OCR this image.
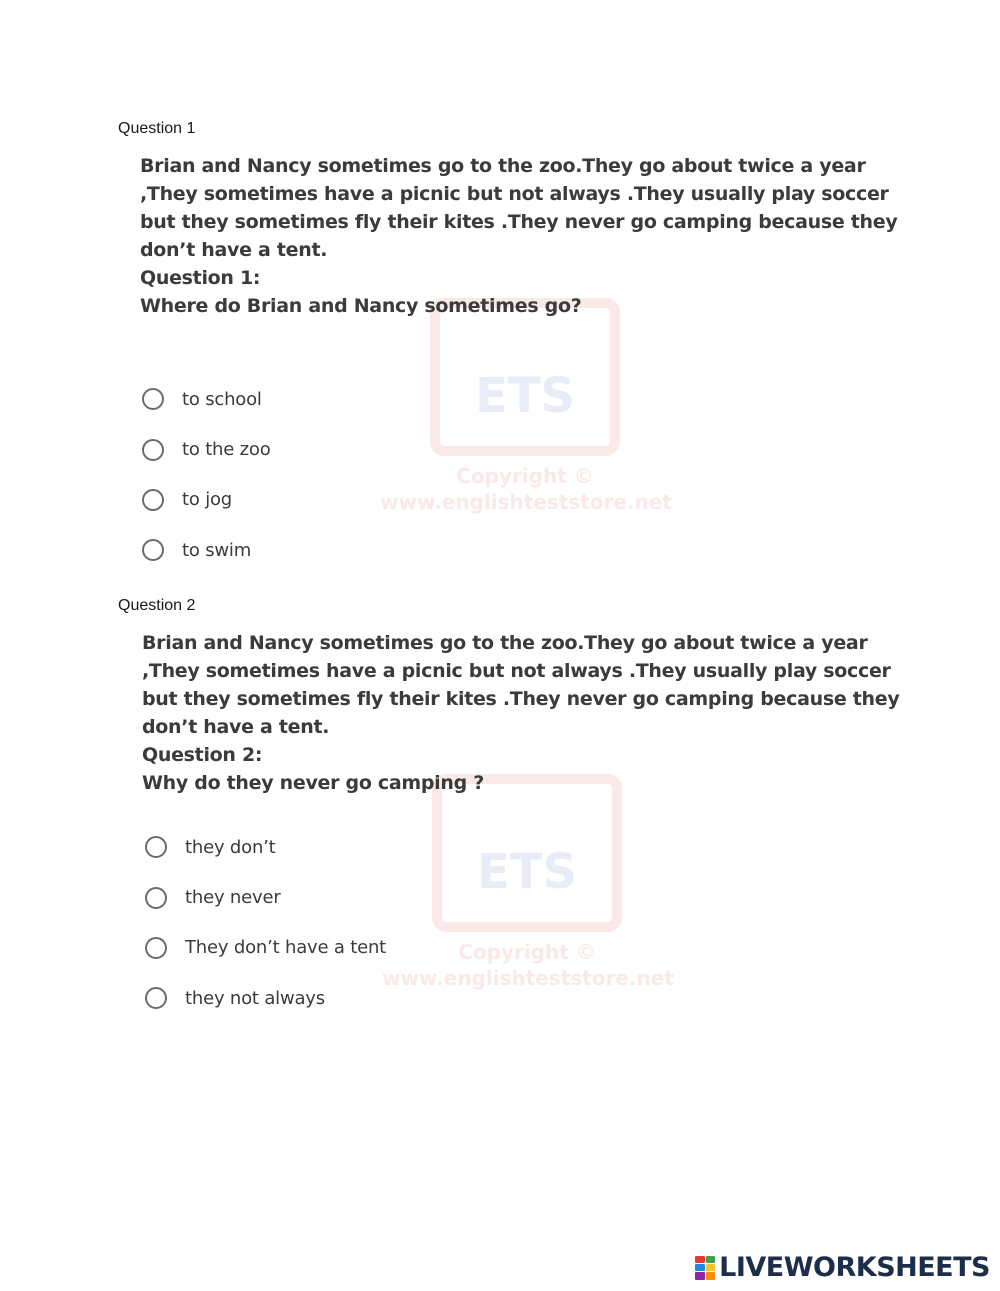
ETS
Copyright ©
www.englishteststore.net
ETS
Copyright ©
www.englishteststore.net
Question 1
Brian and Nancy sometimes go to the zoo.They go about twice a year
,They sometimes have a picnic but not always .They usually play soccer
but they sometimes fly their kites .They never go camping because they
don’t have a tent.
Question 1:
Where do Brian and Nancy sometimes go?
to school
to the zoo
to jog
to swim
Question 2
Brian and Nancy sometimes go to the zoo.They go about twice a year
,They sometimes have a picnic but not always .They usually play soccer
but they sometimes fly their kites .They never go camping because they
don’t have a tent.
Question 2:
Why do they never go camping ?
they don’t
they never
They don’t have a tent
they not always
LIVEWORKSHEETS
